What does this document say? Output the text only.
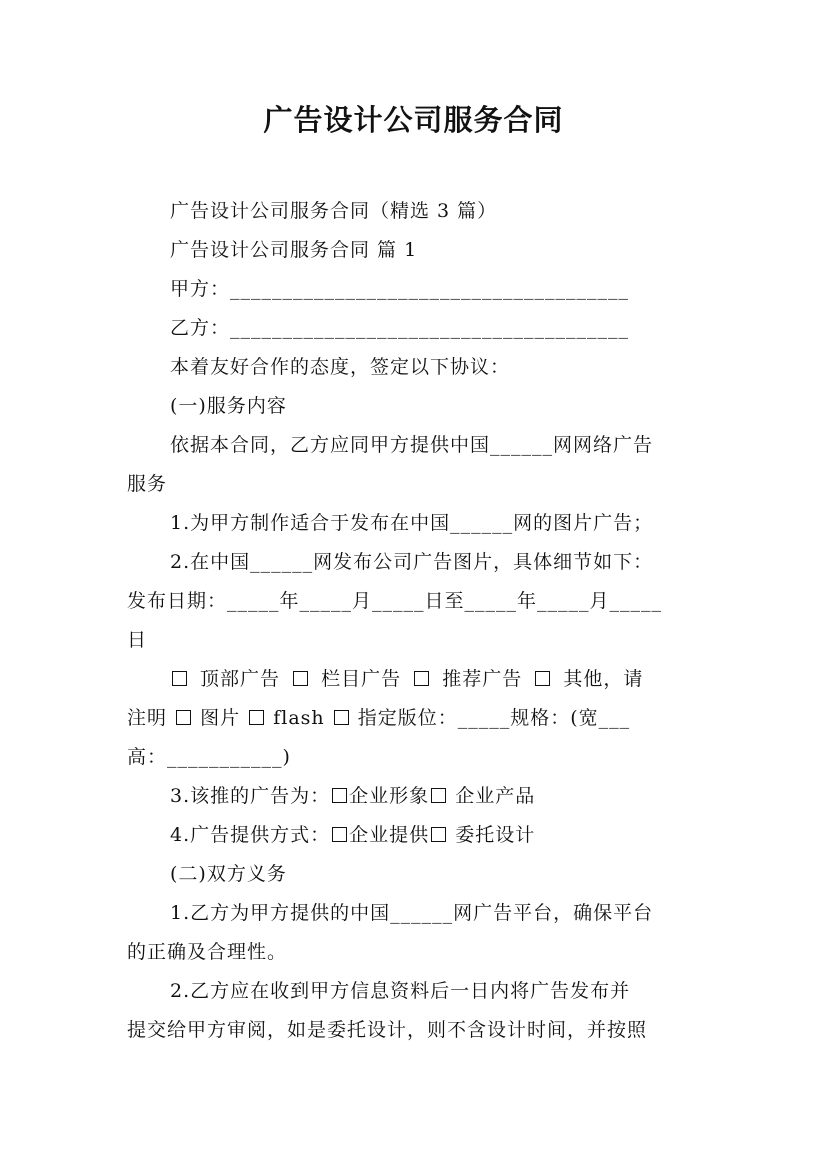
广告设计公司服务合同
广告设计公司服务合同（精选 3 篇）
广告设计公司服务合同 篇 1
甲方：______________________________________
乙方：______________________________________
本着友好合作的态度，签定以下协议：
(一)服务内容
依据本合同，乙方应同甲方提供中国______网网络广告
服务
1.为甲方制作适合于发布在中国______网的图片广告；
2.在中国______网发布公司广告图片，具体细节如下：
发布日期：_____年_____月_____日至_____年_____月_____
日
顶部广告 栏目广告 推荐广告 其他，请
注明 图片 flash 指定版位：_____规格：(宽___
高：___________)
3.该推的广告为： 企业形象 企业产品
4.广告提供方式： 企业提供 委托设计
(二)双方义务
1.乙方为甲方提供的中国______网广告平台，确保平台
的正确及合理性。
2.乙方应在收到甲方信息资料后一日内将广告发布并
提交给甲方审阅，如是委托设计，则不含设计时间，并按照
